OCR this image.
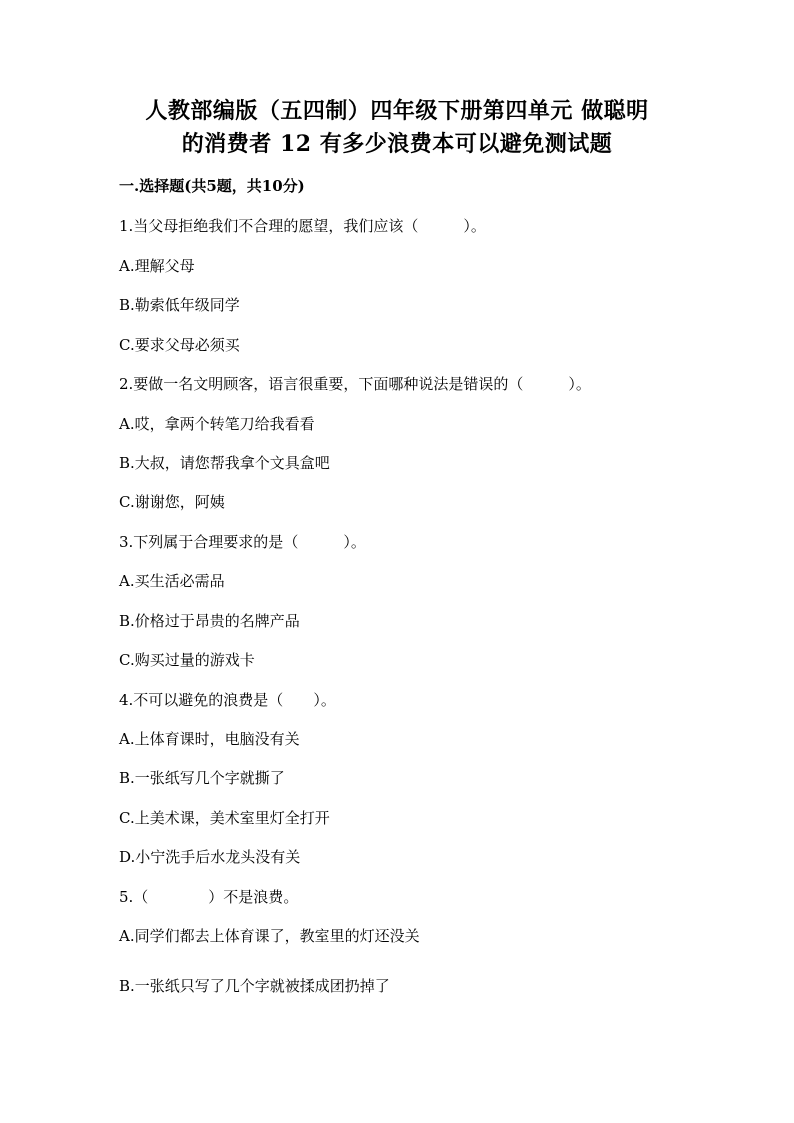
人教部编版（五四制）四年级下册第四单元 做聪明
的消费者 12 有多少浪费本可以避免测试题
一.选择题(共5题，共10分)
1.当父母拒绝我们不合理的愿望，我们应该（　　　）。
A.理解父母
B.勒索低年级同学
C.要求父母必须买
2.要做一名文明顾客，语言很重要，下面哪种说法是错误的（　　　）。
A.哎，拿两个转笔刀给我看看
B.大叔，请您帮我拿个文具盒吧
C.谢谢您，阿姨
3.下列属于合理要求的是（　　　）。
A.买生活必需品
B.价格过于昂贵的名牌产品
C.购买过量的游戏卡
4.不可以避免的浪费是（　　）。
A.上体育课时，电脑没有关
B.一张纸写几个字就撕了
C.上美术课，美术室里灯全打开
D.小宁洗手后水龙头没有关
5.（　　　　）不是浪费。
A.同学们都去上体育课了，教室里的灯还没关
B.一张纸只写了几个字就被揉成团扔掉了
